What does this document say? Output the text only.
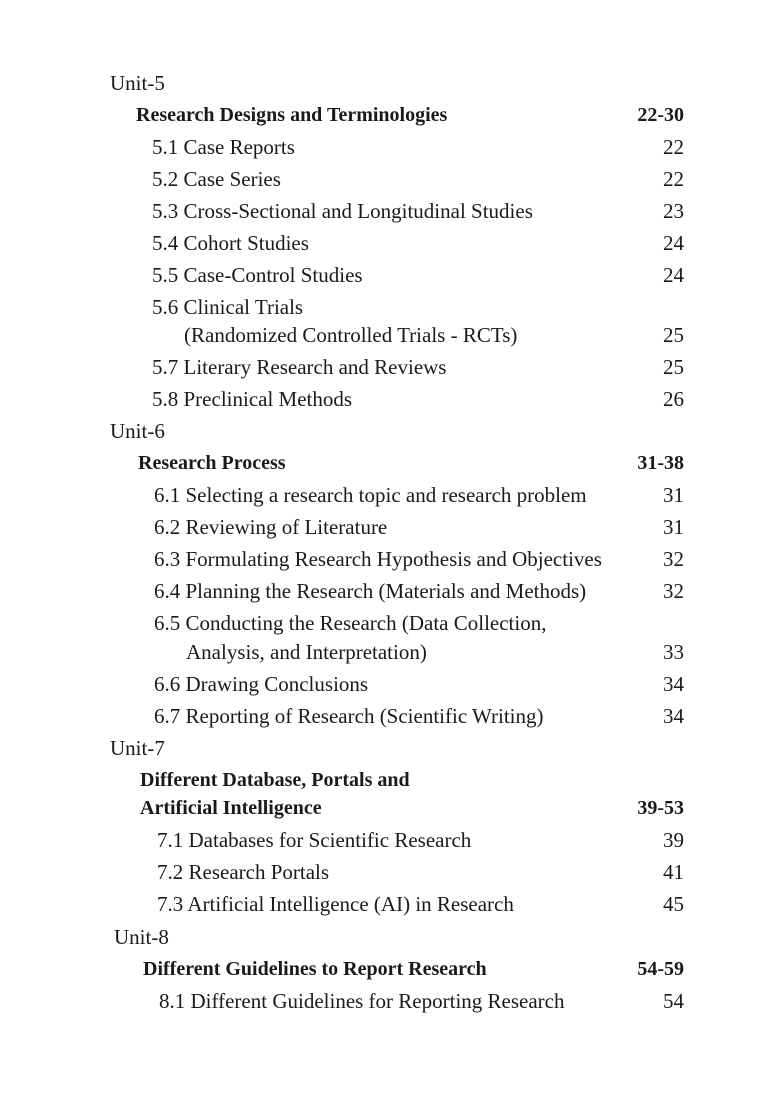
Unit-5
Research Designs and Terminologies	22-30
5.1 Case Reports	22
5.2 Case Series	22
5.3 Cross-Sectional and Longitudinal Studies	23
5.4 Cohort Studies	24
5.5 Case-Control Studies	24
5.6 Clinical Trials
(Randomized Controlled Trials - RCTs)	25
5.7 Literary Research and Reviews	25
5.8 Preclinical Methods	26
Unit-6
Research Process	31-38
6.1 Selecting a research topic and research problem	31
6.2 Reviewing of Literature	31
6.3 Formulating Research Hypothesis and Objectives	32
6.4 Planning the Research (Materials and Methods)	32
6.5 Conducting the Research (Data Collection,
Analysis, and Interpretation)	33
6.6 Drawing Conclusions	34
6.7 Reporting of Research (Scientific Writing)	34
Unit-7
Different Database, Portals and
Artificial Intelligence	39-53
7.1 Databases for Scientific Research	39
7.2 Research Portals	41
7.3 Artificial Intelligence (AI) in Research	45
Unit-8
Different Guidelines to Report Research	54-59
8.1 Different Guidelines for Reporting Research	54
